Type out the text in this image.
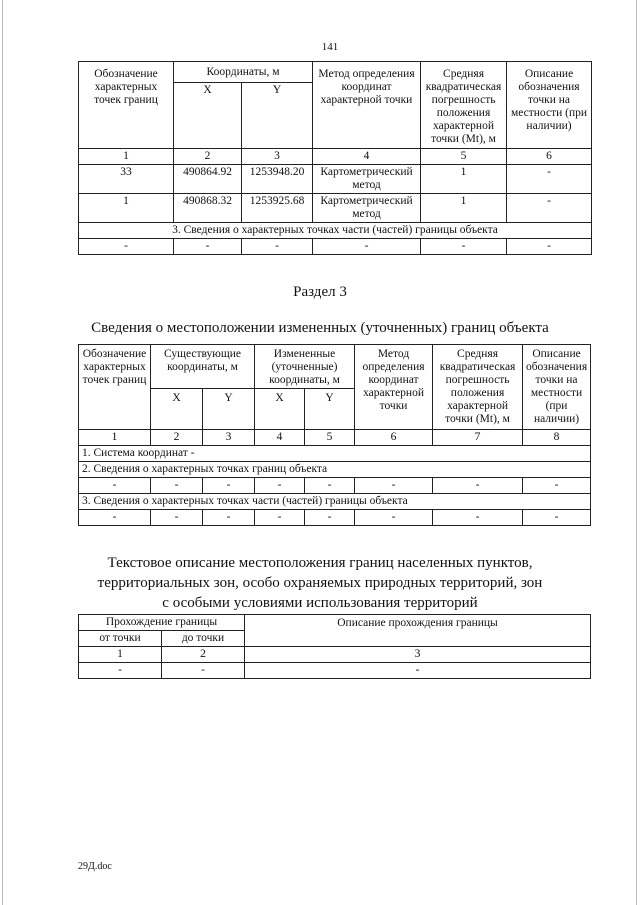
141
Обозначение характерных точек границ	Координаты, м		Метод определения координат характерной точки	Средняя квадратическая погрешность положения характерной точки (Mt), м	Описание обозначения точки на местности (при наличии)
	X	Y			
1	2	3	4	5	6
33	490864.92	1253948.20	Картометрический метод	1	-
1	490868.32	1253925.68	Картометрический метод	1	-
3. Сведения о характерных точках части (частей) границы объекта					
-	-	-	-	-	-
Раздел 3
Сведения о местоположении измененных (уточненных) границ объекта
Обозначение характерных точек границ	Существующие координаты, м		Измененные (уточненные) координаты, м		Метод определения координат характерной точки	Средняя квадратическая погрешность положения характерной точки (Mt), м	Описание обозначения точки на местности (при наличии)
	X	Y	X	Y			
1	2	3	4	5	6	7	8
1. Система координат -							
2. Сведения о характерных точках границ объекта							
-	-	-	-	-	-	-	-
3. Сведения о характерных точках части (частей) границы объекта							
-	-	-	-	-	-	-	-
Текстовое описание местоположения границ населенных пунктов, территориальных зон, особо охраняемых природных территорий, зон с особыми условиями использования территорий
Прохождение границы		Описание прохождения границы
от точки	до точки	
1	2	3
-	-	-
29Д.doc
